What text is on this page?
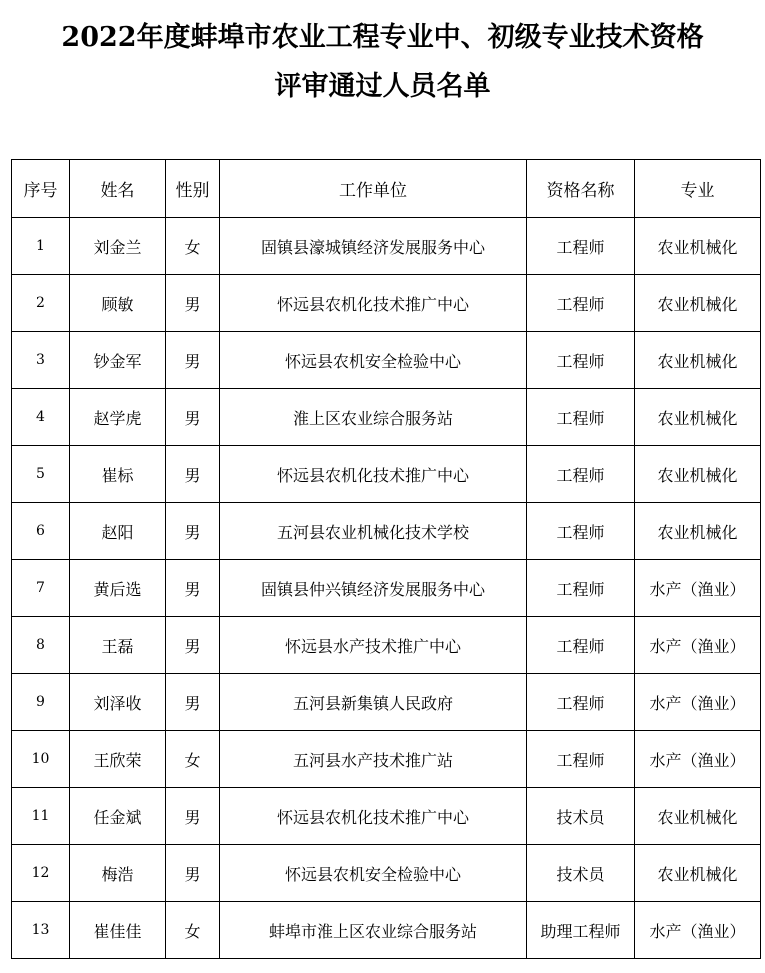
2022年度蚌埠市农业工程专业中、初级专业技术资格
评审通过人员名单
序号	姓名	性别	工作单位	资格名称	专业
1	刘金兰	女	固镇县濠城镇经济发展服务中心	工程师	农业机械化
2	顾敏	男	怀远县农机化技术推广中心	工程师	农业机械化
3	钞金军	男	怀远县农机安全检验中心	工程师	农业机械化
4	赵学虎	男	淮上区农业综合服务站	工程师	农业机械化
5	崔标	男	怀远县农机化技术推广中心	工程师	农业机械化
6	赵阳	男	五河县农业机械化技术学校	工程师	农业机械化
7	黄后选	男	固镇县仲兴镇经济发展服务中心	工程师	水产（渔业）
8	王磊	男	怀远县水产技术推广中心	工程师	水产（渔业）
9	刘泽收	男	五河县新集镇人民政府	工程师	水产（渔业）
10	王欣荣	女	五河县水产技术推广站	工程师	水产（渔业）
11	任金斌	男	怀远县农机化技术推广中心	技术员	农业机械化
12	梅浩	男	怀远县农机安全检验中心	技术员	农业机械化
13	崔佳佳	女	蚌埠市淮上区农业综合服务站	助理工程师	水产（渔业）
